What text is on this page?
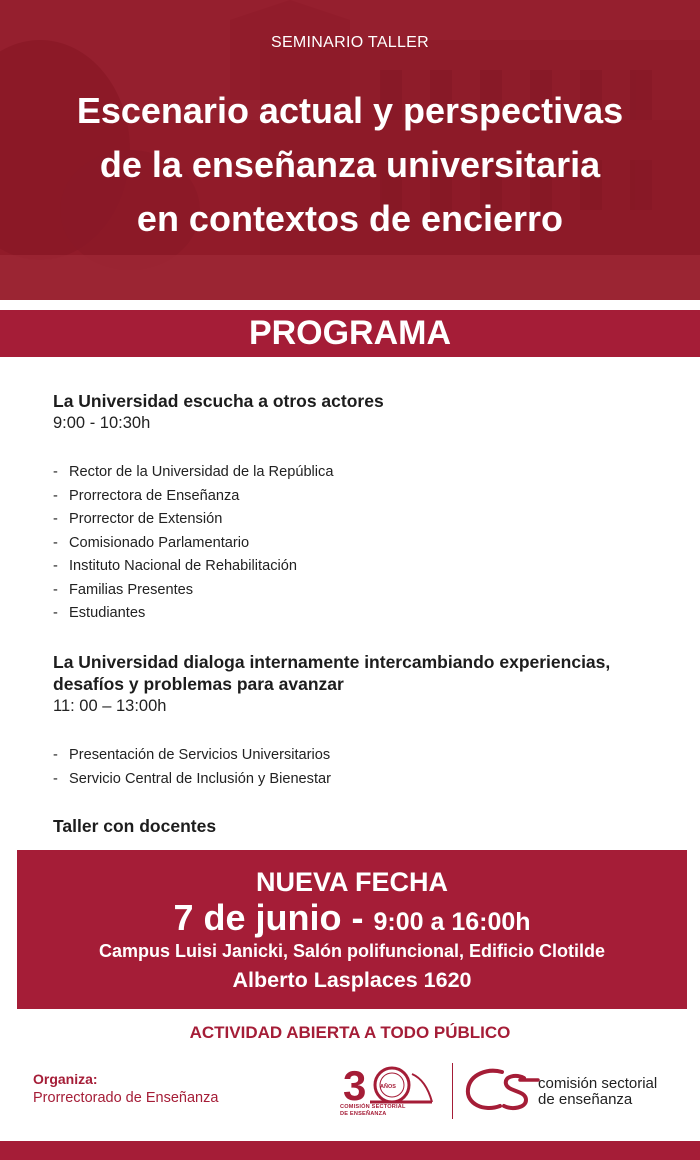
SEMINARIO TALLER
Escenario actual y perspectivas
de la enseñanza universitaria
en contextos de encierro
PROGRAMA
La Universidad escucha a otros actores
9:00 - 10:30h
- Rector de la Universidad de la República
- Prorrectora de Enseñanza
- Prorrector de Extensión
- Comisionado Parlamentario
- Instituto Nacional de Rehabilitación
- Familias Presentes
- Estudiantes
La Universidad dialoga internamente intercambiando experiencias,
desafíos y problemas para avanzar
11: 00 – 13:00h
- Presentación de Servicios Universitarios
- Servicio Central de Inclusión y Bienestar
Taller con docentes
NUEVA FECHA
7 de junio - 9:00 a 16:00h
Campus Luisi Janicki, Salón polifuncional, Edificio Clotilde
Alberto Lasplaces 1620
ACTIVIDAD ABIERTA A TODO PÚBLICO
Organiza:
Prorrectorado de Enseñanza	3 AÑOS
COMISIÓN SECTORIAL
DE ENSEÑANZA
comisión sectorial
de enseñanza
